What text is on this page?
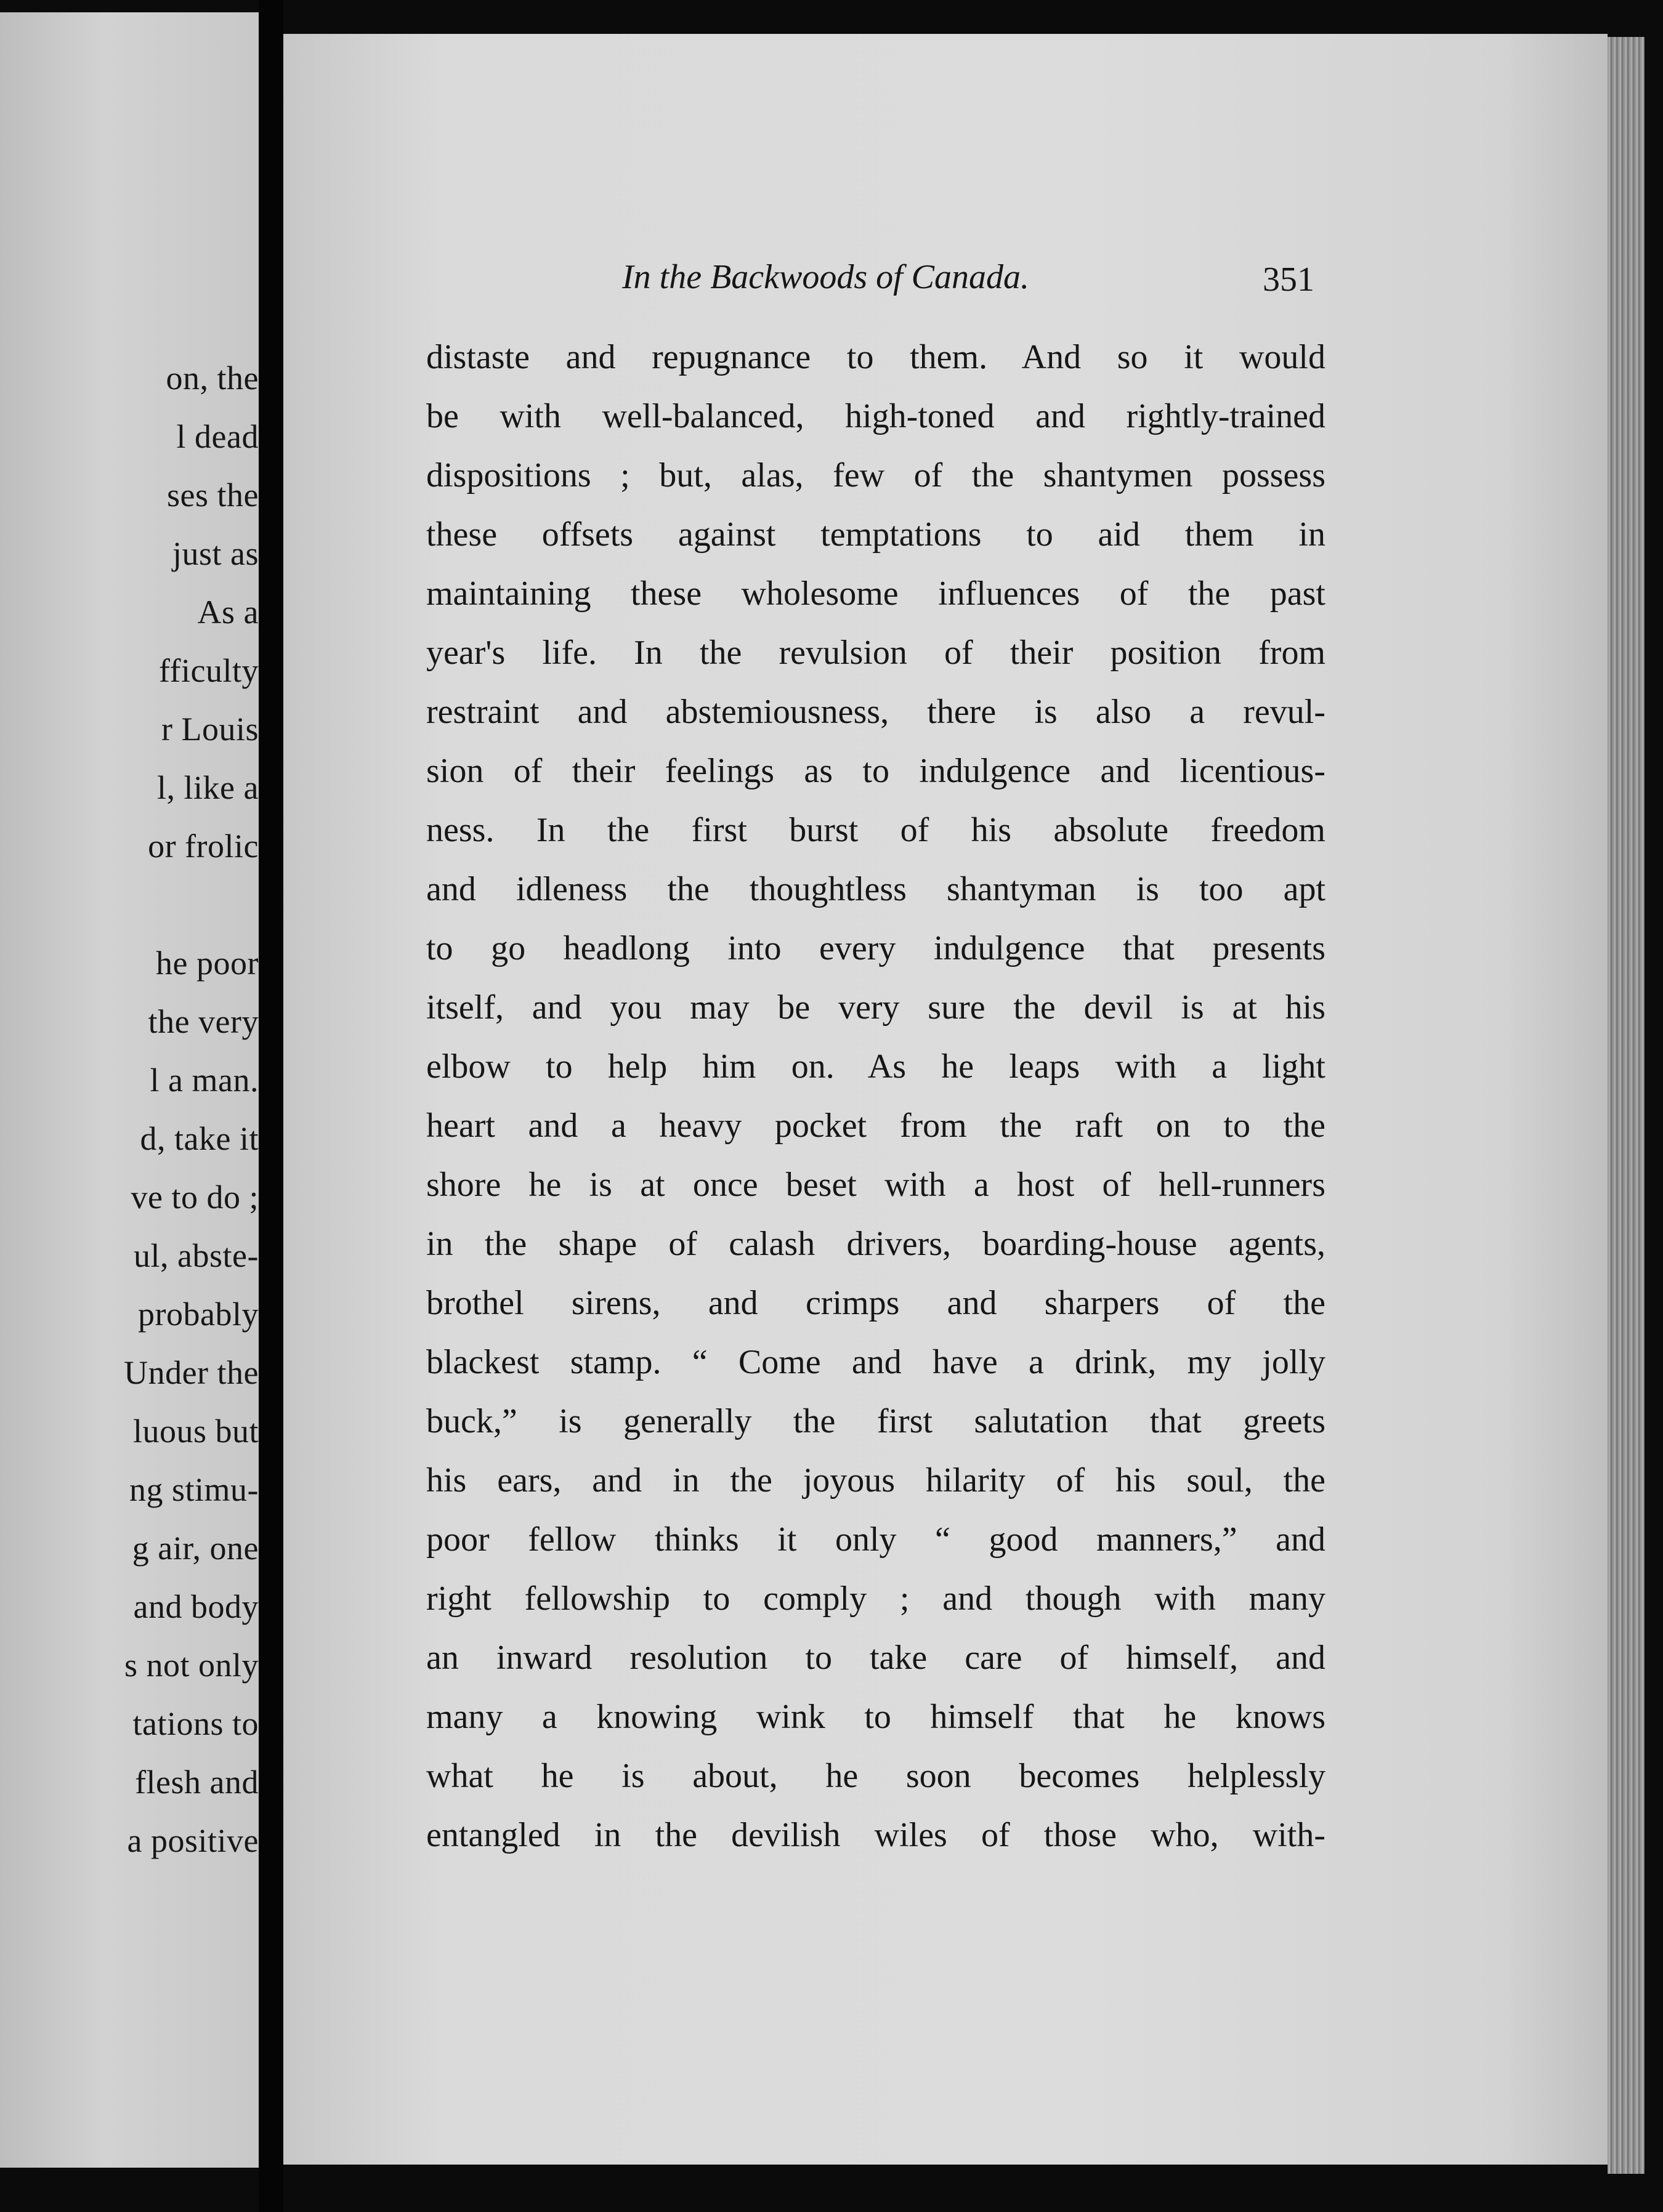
on, the

l dead

ses the

just as

As a

fficulty

r Louis

l, like a

or frolic

he poor

the very

l a man.

d, take it

ve to do ;

ul, abste-

probably

Under the

luous but

ng stimu-

g air, one

and body

s not only

tations to

flesh and

a positive

In the Backwoods of Canada.	351

distaste and repugnance to them. And so it would

be with well-balanced, high-toned and rightly-trained

dispositions ; but, alas, few of the shantymen possess

these offsets against temptations to aid them in

maintaining these wholesome influences of the past

year's life. In the revulsion of their position from

restraint and abstemiousness, there is also a revul-

sion of their feelings as to indulgence and licentious-

ness. In the first burst of his absolute freedom

and idleness the thoughtless shantyman is too apt

to go headlong into every indulgence that presents

itself, and you may be very sure the devil is at his

elbow to help him on. As he leaps with a light

heart and a heavy pocket from the raft on to the

shore he is at once beset with a host of hell-runners

in the shape of calash drivers, boarding-house agents,

brothel sirens, and crimps and sharpers of the

blackest stamp. “ Come and have a drink, my jolly

buck,” is generally the first salutation that greets

his ears, and in the joyous hilarity of his soul, the

poor fellow thinks it only “ good manners,” and

right fellowship to comply ; and though with many

an inward resolution to take care of himself, and

many a knowing wink to himself that he knows

what he is about, he soon becomes helplessly

entangled in the devilish wiles of those who, with-
